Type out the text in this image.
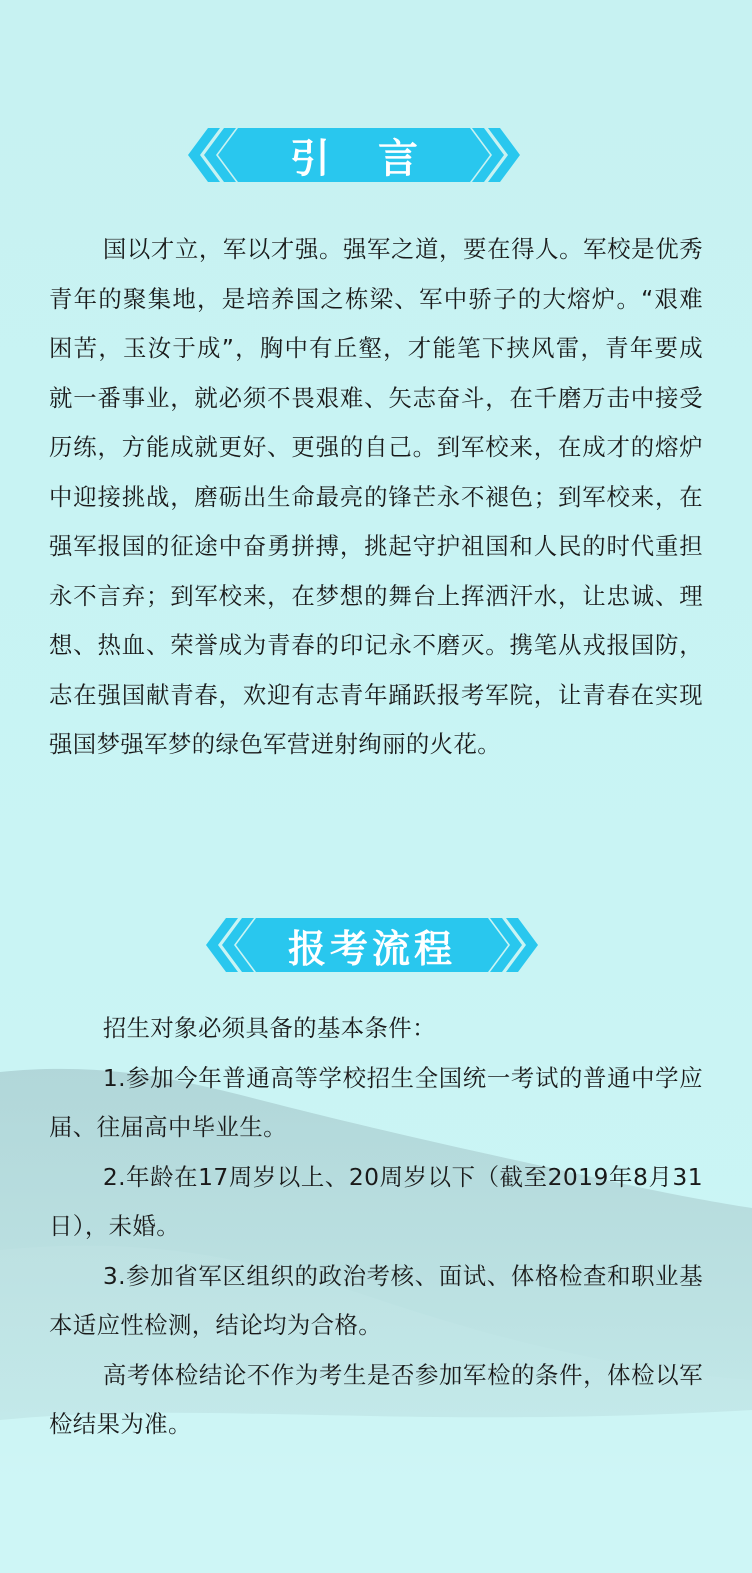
引言

国以才立，军以才强。强军之道，要在得人。军校是优秀青年的聚集地，是培养国之栋梁、军中骄子的大熔炉。“艰难困苦，玉汝于成”，胸中有丘壑，才能笔下挟风雷，青年要成就一番事业，就必须不畏艰难、矢志奋斗，在千磨万击中接受历练，方能成就更好、更强的自己。到军校来，在成才的熔炉中迎接挑战，磨砺出生命最亮的锋芒永不褪色；到军校来，在强军报国的征途中奋勇拼搏，挑起守护祖国和人民的时代重担永不言弃；到军校来，在梦想的舞台上挥洒汗水，让忠诚、理想、热血、荣誉成为青春的印记永不磨灭。携笔从戎报国防，志在强国献青春，欢迎有志青年踊跃报考军院，让青春在实现强国梦强军梦的绿色军营迸射绚丽的火花。

报考流程

招生对象必须具备的基本条件：

1.参加今年普通高等学校招生全国统一考试的普通中学应届、往届高中毕业生。

2.年龄在17周岁以上、20周岁以下（截至2019年8月31日），未婚。

3.参加省军区组织的政治考核、面试、体格检查和职业基本适应性检测，结论均为合格。

高考体检结论不作为考生是否参加军检的条件，体检以军检结果为准。
